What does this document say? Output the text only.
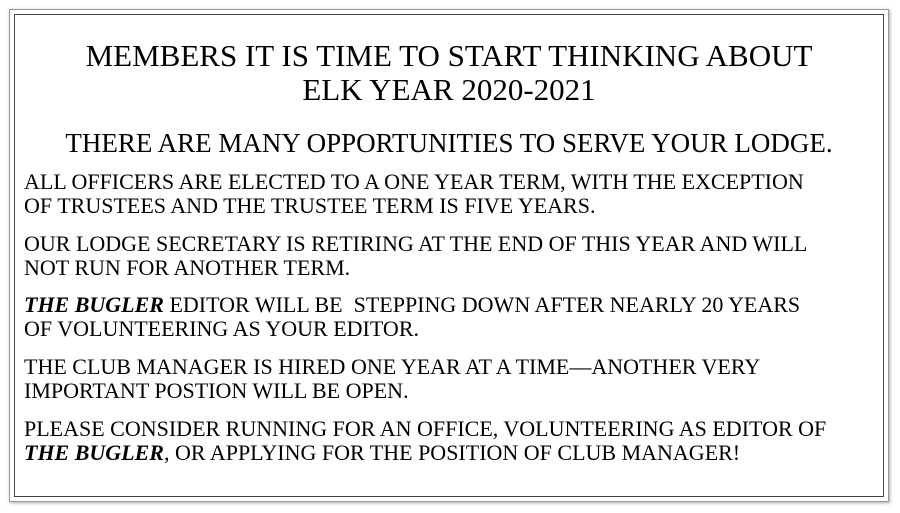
MEMBERS IT IS TIME TO START THINKING ABOUT
ELK YEAR 2020-2021
THERE ARE MANY OPPORTUNITIES TO SERVE YOUR LODGE.
ALL OFFICERS ARE ELECTED TO A ONE YEAR TERM, WITH THE EXCEPTION
OF TRUSTEES AND THE TRUSTEE TERM IS FIVE YEARS.
OUR LODGE SECRETARY IS RETIRING AT THE END OF THIS YEAR AND WILL
NOT RUN FOR ANOTHER TERM.
THE BUGLER EDITOR WILL BE  STEPPING DOWN AFTER NEARLY 20 YEARS
OF VOLUNTEERING AS YOUR EDITOR.
THE CLUB MANAGER IS HIRED ONE YEAR AT A TIME—ANOTHER VERY
IMPORTANT POSTION WILL BE OPEN.
PLEASE CONSIDER RUNNING FOR AN OFFICE, VOLUNTEERING AS EDITOR OF
THE BUGLER, OR APPLYING FOR THE POSITION OF CLUB MANAGER!
